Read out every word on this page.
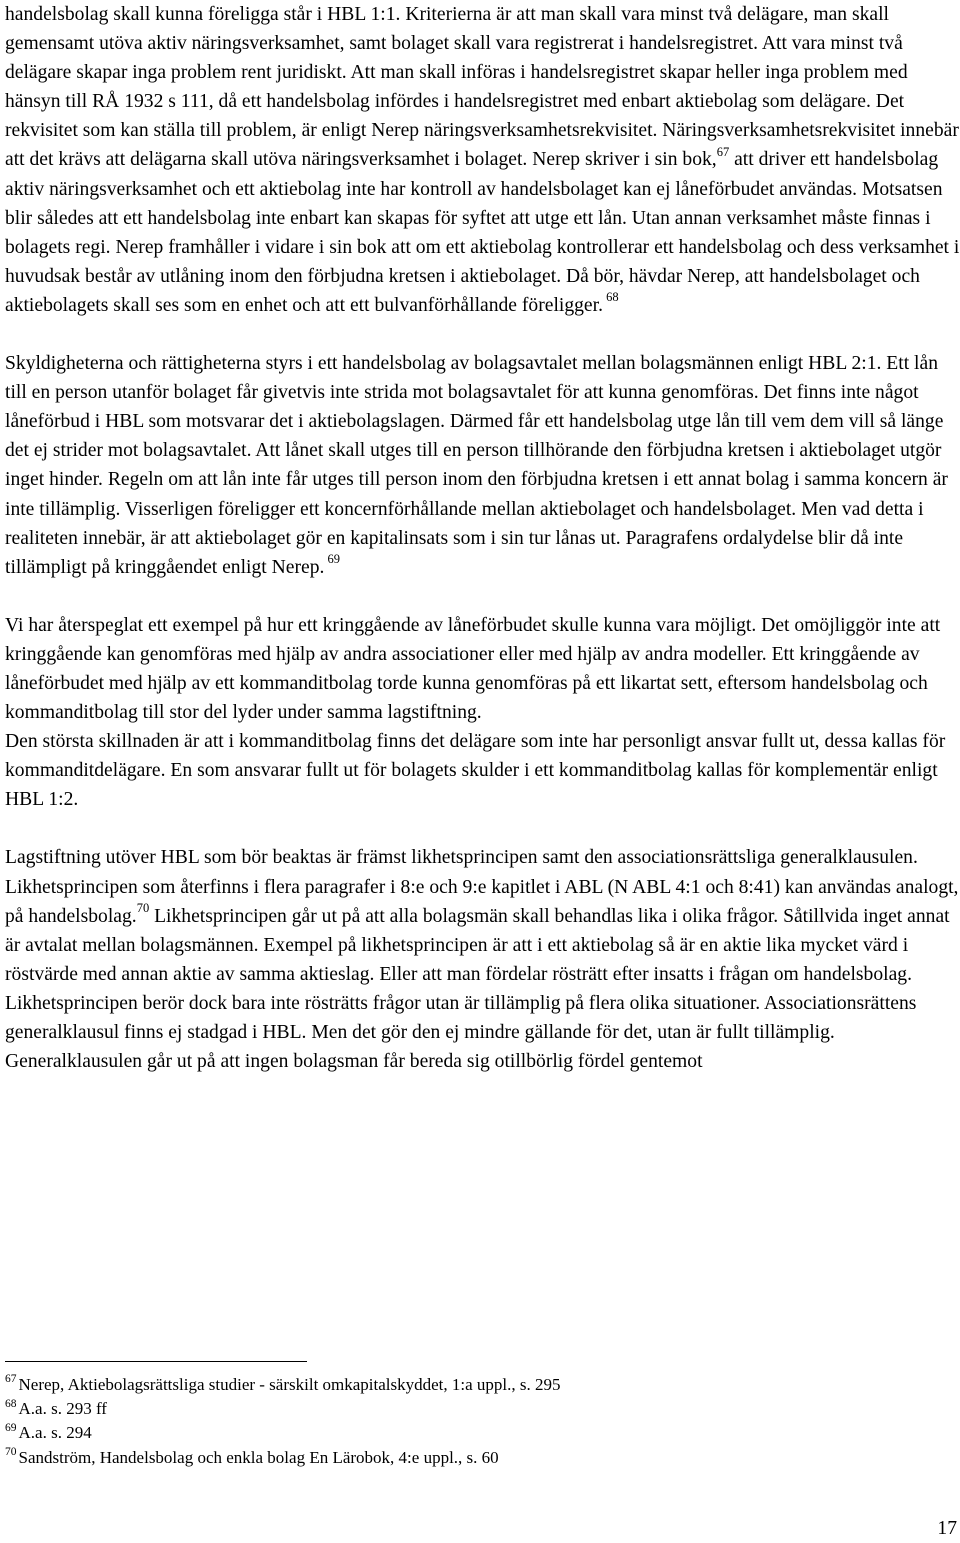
handelsbolag skall kunna föreligga står i HBL 1:1. Kriterierna är att man skall vara minst två delägare, man skall gemensamt utöva aktiv näringsverksamhet, samt bolaget skall vara registrerat i handelsregistret. Att vara minst två delägare skapar inga problem rent juridiskt. Att man skall införas i handelsregistret skapar heller inga problem med hänsyn till RÅ 1932 s 111, då ett handelsbolag infördes i handelsregistret med enbart aktiebolag som delägare. Det rekvisitet som kan ställa till problem, är enligt Nerep näringsverksamhetsrekvisitet. Näringsverksamhetsrekvisitet innebär att det krävs att delägarna skall utöva näringsverksamhet i bolaget. Nerep skriver i sin bok,$^{67}$ att driver ett handelsbolag aktiv näringsverksamhet och ett aktiebolag inte har kontroll av handelsbolaget kan ej låneförbudet användas. Motsatsen blir således att ett handelsbolag inte enbart kan skapas för syftet att utge ett lån. Utan annan verksamhet måste finnas i bolagets regi. Nerep framhåller i vidare i sin bok att om ett aktiebolag kontrollerar ett handelsbolag och dess verksamhet i huvudsak består av utlåning inom den förbjudna kretsen i aktiebolaget. Då bör, hävdar Nerep, att handelsbolaget och aktiebolagets skall ses som en enhet och att ett bulvanförhållande föreligger. $^{68}$

Skyldigheterna och rättigheterna styrs i ett handelsbolag av bolagsavtalet mellan bolagsmännen enligt HBL 2:1. Ett lån till en person utanför bolaget får givetvis inte strida mot bolagsavtalet för att kunna genomföras. Det finns inte något låneförbud i HBL som motsvarar det i aktiebolagslagen. Därmed får ett handelsbolag utge lån till vem dem vill så länge det ej strider mot bolagsavtalet. Att lånet skall utges till en person tillhörande den förbjudna kretsen i aktiebolaget utgör inget hinder. Regeln om att lån inte får utges till person inom den förbjudna kretsen i ett annat bolag i samma koncern är inte tillämplig. Visserligen föreligger ett koncernförhållande mellan aktiebolaget och handelsbolaget. Men vad detta i realiteten innebär, är att aktiebolaget gör en kapitalinsats som i sin tur lånas ut. Paragrafens ordalydelse blir då inte tillämpligt på kringgåendet enligt Nerep. $^{69}$

Vi har återspeglat ett exempel på hur ett kringgående av låneförbudet skulle kunna vara möjligt. Det omöjliggör inte att kringgående kan genomföras med hjälp av andra associationer eller med hjälp av andra modeller. Ett kringgående av låneförbudet med hjälp av ett kommanditbolag torde kunna genomföras på ett likartat sett, eftersom handelsbolag och kommanditbolag till stor del lyder under samma lagstiftning.

Den största skillnaden är att i kommanditbolag finns det delägare som inte har personligt ansvar fullt ut, dessa kallas för kommanditdelägare. En som ansvarar fullt ut för bolagets skulder i ett kommanditbolag kallas för komplementär enligt HBL 1:2.

Lagstiftning utöver HBL som bör beaktas är främst likhetsprincipen samt den associationsrättsliga generalklausulen. Likhetsprincipen som återfinns i flera paragrafer i 8:e och 9:e kapitlet i ABL (N ABL 4:1 och 8:41) kan användas analogt, på handelsbolag.$^{70}$ Likhetsprincipen går ut på att alla bolagsmän skall behandlas lika i olika frågor. Såtillvida inget annat är avtalat mellan bolagsmännen. Exempel på likhetsprincipen är att i ett aktiebolag så är en aktie lika mycket värd i röstvärde med annan aktie av samma aktieslag. Eller att man fördelar rösträtt efter insatts i frågan om handelsbolag. Likhetsprincipen berör dock bara inte rösträtts frågor utan är tillämplig på flera olika situationer. Associationsrättens generalklausul finns ej stadgad i HBL. Men det gör den ej mindre gällande för det, utan är fullt tillämplig. Generalklausulen går ut på att ingen bolagsman får bereda sig otillbörlig fördel gentemot

$^{67}$ Nerep, Aktiebolagsrättsliga studier - särskilt omkapitalskyddet, 1:a uppl., s. 295

$^{68}$ A.a. s. 293 ff

$^{69}$ A.a. s. 294

$^{70}$ Sandström, Handelsbolag och enkla bolag En Lärobok, 4:e uppl., s. 60

17
